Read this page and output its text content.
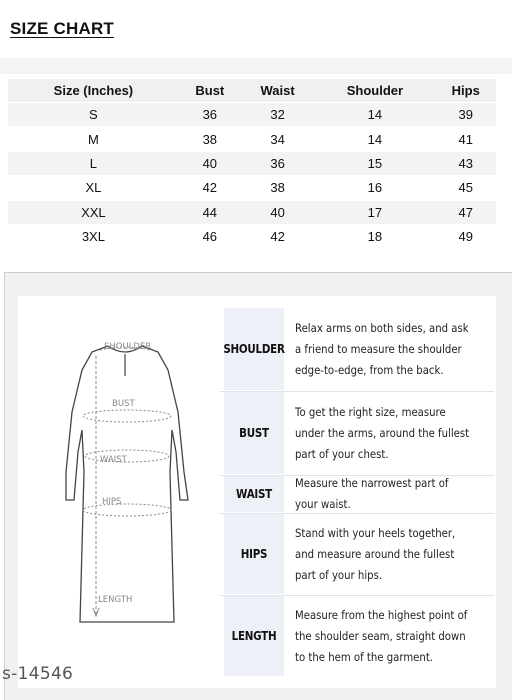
SIZE CHART
Size (Inches)	Bust	Waist	Shoulder	Hips
S	36	32	14	39
M	38	34	14	41
L	40	36	15	43
XL	42	38	16	45
XXL	44	40	17	47
3XL	46	42	18	49
SHOULDER
BUST
WAIST
HIPS
LENGTH
SHOULDER
Relax arms on both sides, and ask a friend to measure the shoulder edge-to-edge, from the back.
BUST
To get the right size, measure under the arms, around the fullest part of your chest.
WAIST
Measure the narrowest part of your waist.
HIPS
Stand with your heels together, and measure around the fullest part of your hips.
LENGTH
Measure from the highest point of the shoulder seam, straight down to the hem of the garment.
s-14546
